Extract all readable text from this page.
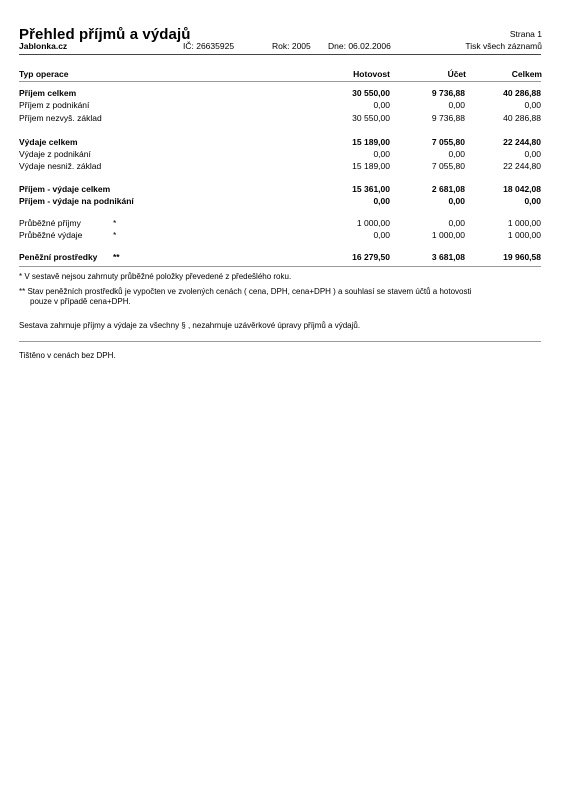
Přehled příjmů a výdajů	Strana 1
Jablonka.cz	IČ: 26635925	Rok: 2005 Dne: 06.02.2006	Tisk všech záznamů
Typ operace	Hotovost	Účet	Celkem
Příjem celkem	30 550,00	9 736,88	40 286,88
Příjem z podnikání	0,00	0,00	0,00
Příjem nezvyš. základ	30 550,00	9 736,88	40 286,88
Výdaje celkem	15 189,00	7 055,80	22 244,80
Výdaje z podnikání	0,00	0,00	0,00
Výdaje nesniž. základ	15 189,00	7 055,80	22 244,80
Příjem - výdaje celkem	15 361,00	2 681,08	18 042,08
Příjem - výdaje na podnikání	0,00	0,00	0,00
Průběžné příjmy	*	1 000,00	0,00	1 000,00
Průběžné výdaje	*	0,00	1 000,00	1 000,00
Peněžní prostředky **	16 279,50	3 681,08	19 960,58
* V sestavě nejsou zahrnuty průběžné položky převedené z předešlého roku.
** Stav peněžních prostředků je vypočten ve zvolených cenách ( cena, DPH, cena+DPH ) a souhlasí se stavem účtů a hotovosti
pouze v případě cena+DPH.
Sestava zahrnuje příjmy a výdaje za všechny § , nezahrnuje uzávěrkové úpravy příjmů a výdajů.
Tištěno v cenách bez DPH.
